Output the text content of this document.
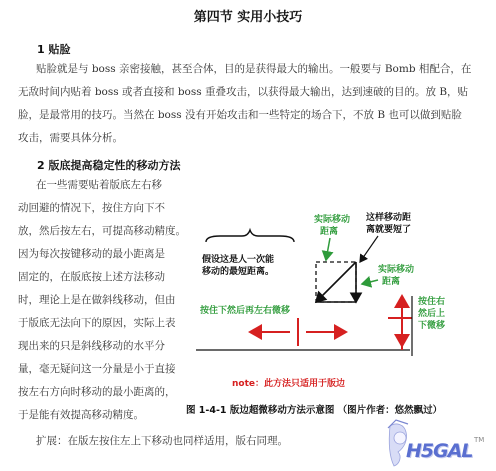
第四节 实用小技巧
1 贴脸
贴脸就是与 boss 亲密接触，甚至合体，目的是获得最大的输出。一般要与 Bomb 相配合，在
无敌时间内贴着 boss 或者直接和 boss 重叠攻击，以获得最大输出，达到速破的目的。放 B，贴
脸，是最常用的技巧。当然在 boss 没有开始攻击和一些特定的场合下，不放 B 也可以做到贴脸
攻击，需要具体分析。
2 版底提高稳定性的移动方法
在一些需要贴着版底左右移
动回避的情况下，按住方向下不
放，然后按左右，可提高移动精度。
因为每次按键移动的最小距离是
固定的，在版底按上述方法移动
时，理论上是在做斜线移动，但由
于版底无法向下的原因，实际上表
现出来的只是斜线移动的水平分
量，毫无疑问这一分量是小于直接
按左右方向时移动的最小距离的，
于是能有效提高移动精度。
扩展：在版左按住左上下移动也同样适用，版右同理。
实际移动
距离
这样移动距
离就要短了
假设这是人一次能
移动的最短距离。	实际移动
距离
按住下然后再左右微移
按住右
然后上
下微移
note：此方法只适用于版边
图 1-4-1 版边超微移动方法示意图 （图片作者：悠然飘过）
H5GAL TM
